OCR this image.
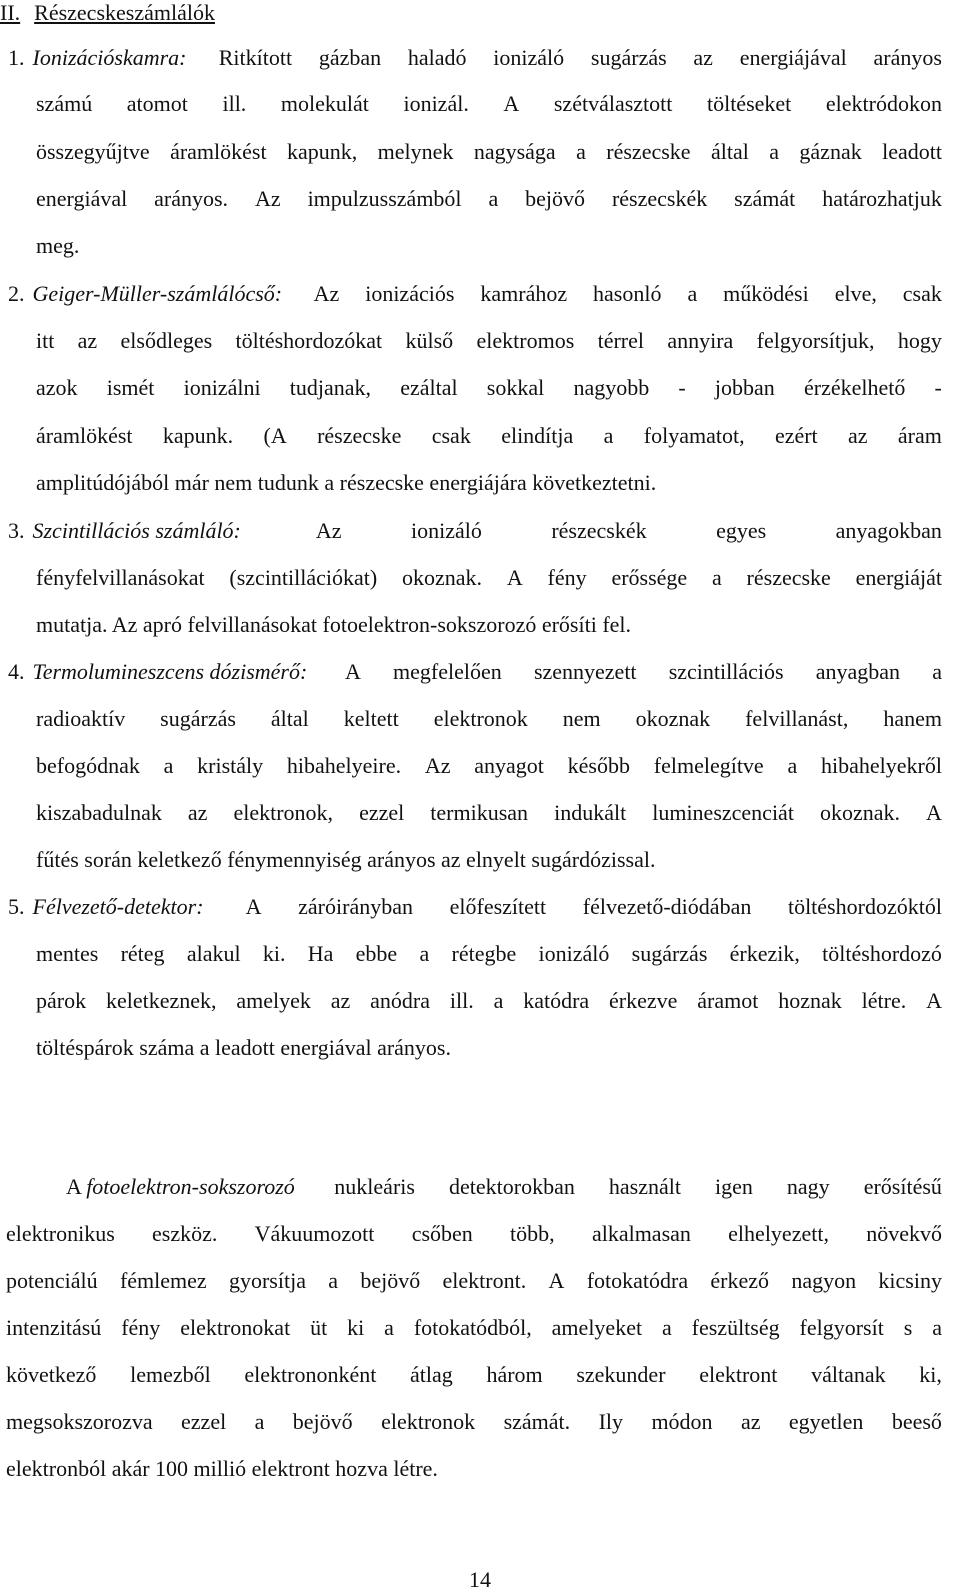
II. Részecskeszámlálók
1. Ionizációskamra: Ritkított gázban haladó ionizáló sugárzás az energiájával arányos
számú atomot ill. molekulát ionizál. A szétválasztott töltéseket elektródokon
összegyűjtve áramlökést kapunk, melynek nagysága a részecske által a gáznak leadott
energiával arányos. Az impulzusszámból a bejövő részecskék számát határozhatjuk
meg.
2. Geiger-Müller-számlálócső: Az ionizációs kamrához hasonló a működési elve, csak
itt az elsődleges töltéshordozókat külső elektromos térrel annyira felgyorsítjuk, hogy
azok ismét ionizálni tudjanak, ezáltal sokkal nagyobb - jobban érzékelhető -
áramlökést kapunk. (A részecske csak elindítja a folyamatot, ezért az áram
amplitúdójából már nem tudunk a részecske energiájára következtetni.
3. Szcintillációs számláló:	Az	ionizáló	részecskék	egyes	anyagokban
fényfelvillanásokat (szcintillációkat) okoznak. A fény erőssége a részecske energiáját
mutatja. Az apró felvillanásokat fotoelektron-sokszorozó erősíti fel.
4. Termolumineszcens dózismérő: A megfelelően szennyezett szcintillációs anyagban a
radioaktív sugárzás által keltett elektronok nem okoznak felvillanást, hanem
befogódnak a kristály hibahelyeire. Az anyagot később felmelegítve a hibahelyekről
kiszabadulnak az elektronok, ezzel termikusan indukált lumineszcenciát okoznak. A
fűtés során keletkező fénymennyiség arányos az elnyelt sugárdózissal.
5. Félvezető-detektor: A záróirányban előfeszített félvezető-diódában töltéshordozóktól
mentes réteg alakul ki. Ha ebbe a rétegbe ionizáló sugárzás érkezik, töltéshordozó
párok keletkeznek, amelyek az anódra ill. a katódra érkezve áramot hoznak létre. A
töltéspárok száma a leadott energiával arányos.
A fotoelektron-sokszorozó nukleáris detektorokban használt igen nagy erősítésű
elektronikus eszköz. Vákuumozott csőben több, alkalmasan elhelyezett, növekvő
potenciálú fémlemez gyorsítja a bejövő elektront. A fotokatódra érkező nagyon kicsiny
intenzitású fény elektronokat üt ki a fotokatódból, amelyeket a feszültség felgyorsít s a
következő lemezből elektrononként átlag három szekunder elektront váltanak ki,
megsokszorozva ezzel a bejövő elektronok számát. Ily módon az egyetlen beeső
elektronból akár 100 millió elektront hozva létre.
14
